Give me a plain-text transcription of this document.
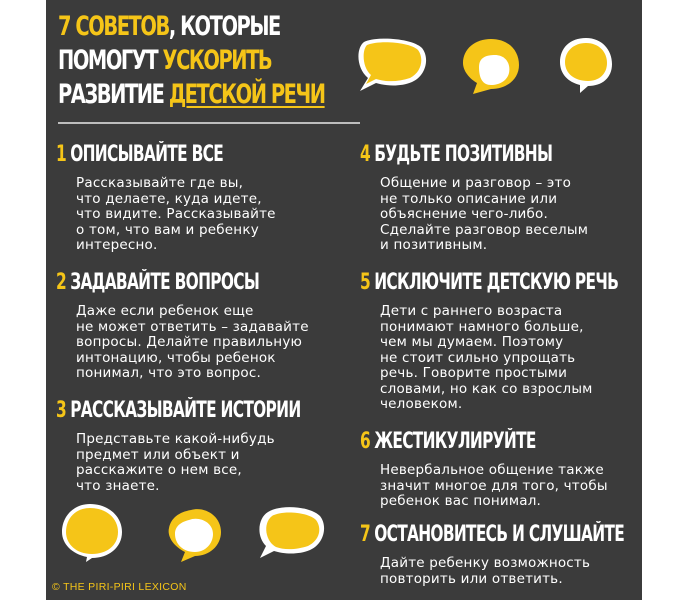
7 СОВЕТОВ, КОТОРЫЕ
ПОМОГУТ УСКОРИТЬ
РАЗВИТИЕ ДЕТСКОЙ РЕЧИ
1 ОПИСЫВАЙТЕ ВСЕ
Рассказывайте где вы,
что делаете, куда идете,
что видите. Рассказывайте
о том, что вам и ребенку
интересно.
2 ЗАДАВАЙТЕ ВОПРОСЫ
Даже если ребенок еще
не может ответить – задавайте
вопросы. Делайте правильную
интонацию, чтобы ребенок
понимал, что это вопрос.
3 РАССКАЗЫВАЙТЕ ИСТОРИИ
Представьте какой-нибудь
предмет или объект и
расскажите о нем все,
что знаете.
4 БУДЬТЕ ПОЗИТИВНЫ
Общение и разговор – это
не только описание или
объяснение чего-либо.
Сделайте разговор веселым
и позитивным.
5 ИСКЛЮЧИТЕ ДЕТСКУЮ РЕЧЬ
Дети с раннего возраста
понимают намного больше,
чем мы думаем. Поэтому
не стоит сильно упрощать
речь. Говорите простыми
словами, но как со взрослым
человеком.
6 ЖЕСТИКУЛИРУЙТЕ
Невербальное общение также
значит многое для того, чтобы
ребенок вас понимал.
7 ОСТАНОВИТЕСЬ И СЛУШАЙТЕ
Дайте ребенку возможность
повторить или ответить.
© THE PIRI-PIRI LEXICON
